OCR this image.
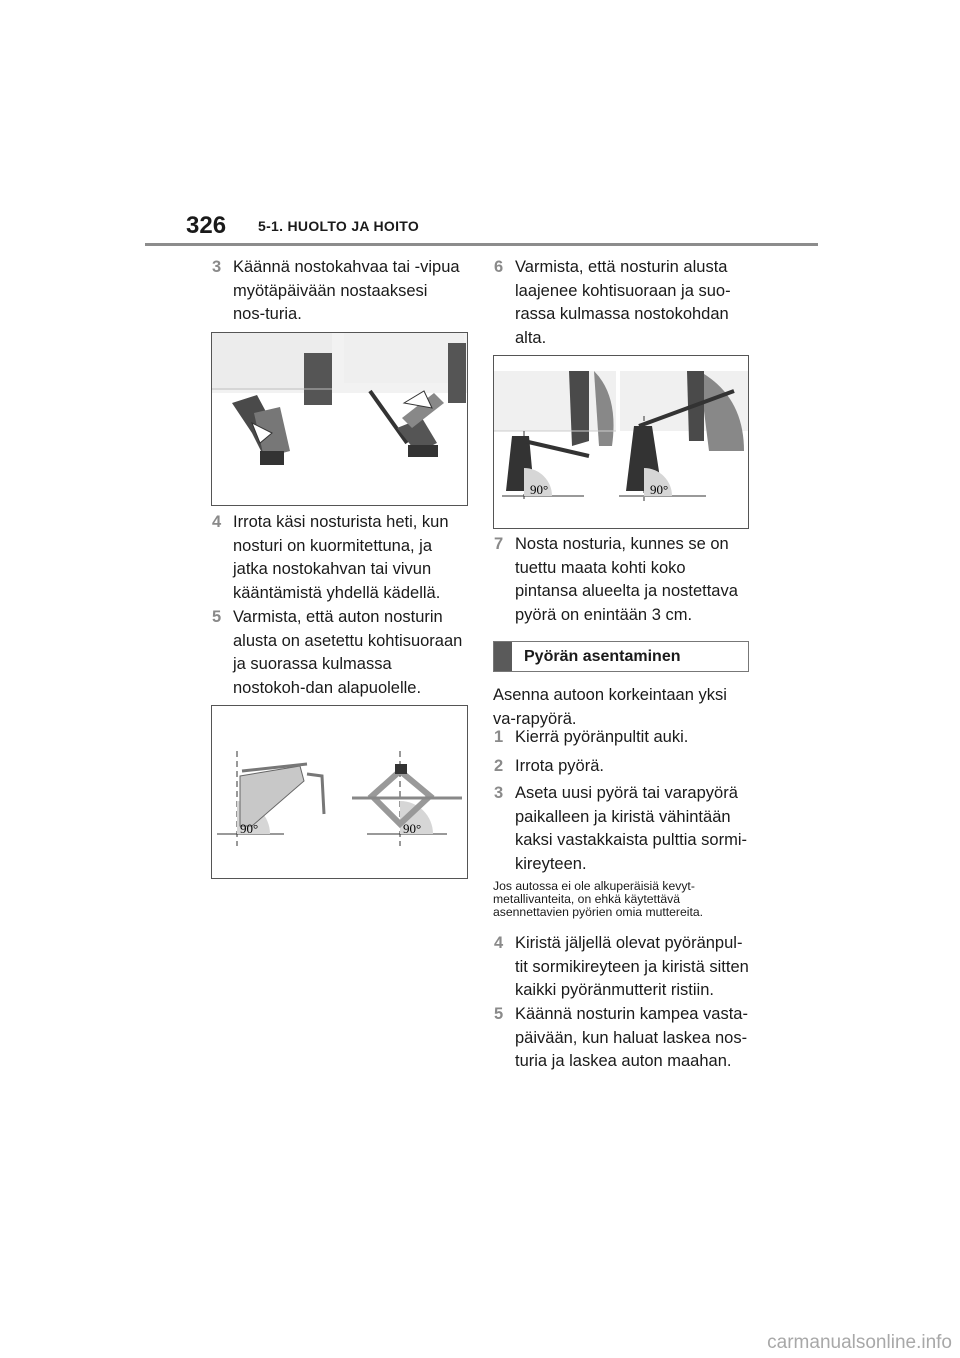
326 5-1. HUOLTO JA HOITO
3 Käännä nostokahvaa tai -vipua myötäpäivään nostaaksesi nos-turia.
4 Irrota käsi nosturista heti, kun nosturi on kuormitettuna, ja jatka nostokahvan tai vivun kääntämistä yhdellä kädellä.
5 Varmista, että auton nosturin alusta on asetettu kohtisuoraan ja suorassa kulmassa nostokoh-dan alapuolelle.
90°	90°
6 Varmista, että nosturin alusta laajenee kohtisuoraan ja suo-rassa kulmassa nostokohdan alta.
90°	90°
7 Nosta nosturia, kunnes se on tuettu maata kohti koko pintansa alueelta ja nostettava pyörä on enintään 3 cm.
Pyörän asentaminen
Asenna autoon korkeintaan yksi va-rapyörä.
1 Kierrä pyöränpultit auki.
2 Irrota pyörä.
3 Aseta uusi pyörä tai varapyörä paikalleen ja kiristä vähintään kaksi vastakkaista pulttia sormi-kireyteen.
Jos autossa ei ole alkuperäisiä kevyt-metallivanteita, on ehkä käytettävä asennettavien pyörien omia muttereita.
4 Kiristä jäljellä olevat pyöränpul-tit sormikireyteen ja kiristä sitten kaikki pyöränmutterit ristiin.
5 Käännä nosturin kampea vasta-päivään, kun haluat laskea nos-turia ja laskea auton maahan.
carmanualsonline.info
